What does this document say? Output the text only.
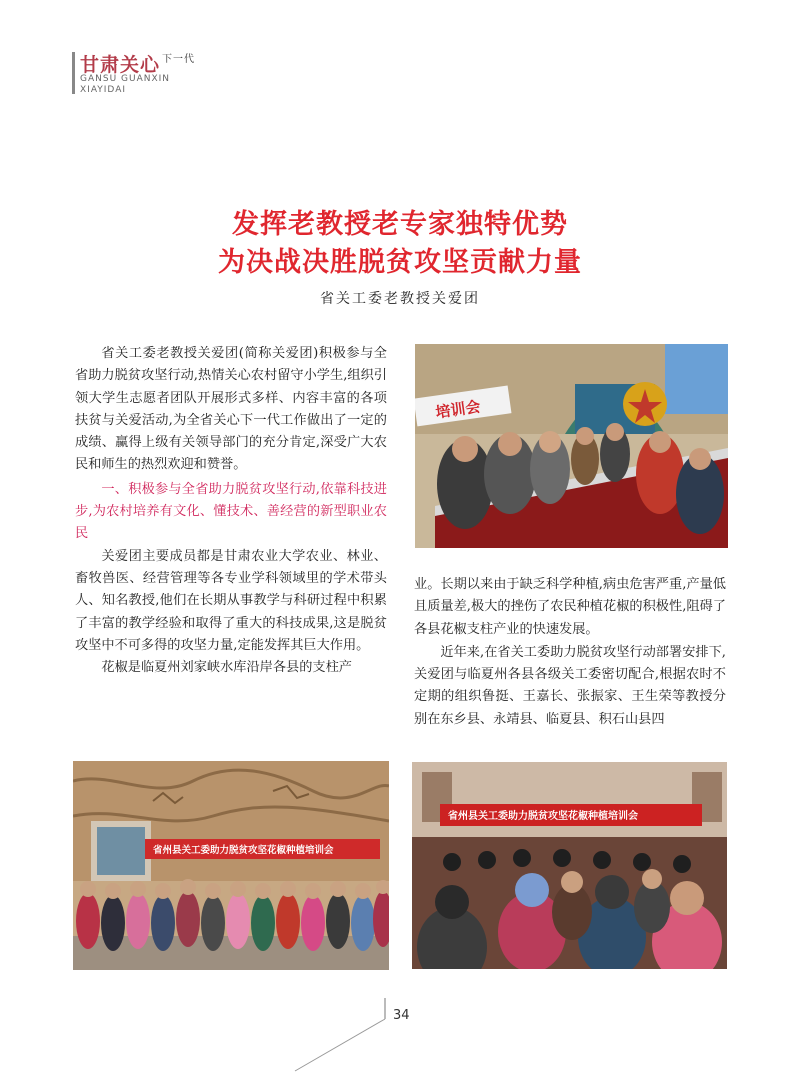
甘肃关心 $^{下一代}$
GANSU GUANXIN
XIAYIDAI
发挥老教授老专家独特优势
为决战决胜脱贫攻坚贡献力量
省关工委老教授关爱团

省关工委老教授关爱团(简称关爱团)积极参与全省助力脱贫攻坚行动,热情关心农村留守小学生,组织引领大学生志愿者团队开展形式多样、内容丰富的各项扶贫与关爱活动,为全省关心下一代工作做出了一定的成绩、赢得上级有关领导部门的充分肯定,深受广大农民和师生的热烈欢迎和赞誉。

一、积极参与全省助力脱贫攻坚行动,依靠科技进步,为农村培养有文化、懂技术、善经营的新型职业农民

关爱团主要成员都是甘肃农业大学农业、林业、畜牧兽医、经营管理等各专业学科领域里的学术带头人、知名教授,他们在长期从事教学与科研过程中积累了丰富的教学经验和取得了重大的科技成果,这是脱贫攻坚中不可多得的攻坚力量,定能发挥其巨大作用。

花椒是临夏州刘家峡水库沿岸各县的支柱产

业。长期以来由于缺乏科学种植,病虫危害严重,产量低且质量差,极大的挫伤了农民种植花椒的积极性,阻碍了各县花椒支柱产业的快速发展。

近年来,在省关工委助力脱贫攻坚行动部署安排下,关爱团与临夏州各县各级关工委密切配合,根据农时不定期的组织鲁挺、王嘉长、张振家、王生荣等教授分别在东乡县、永靖县、临夏县、积石山县四

培训会
省州县关工委助力脱贫攻坚花椒种植培训会
省州县关工委助力脱贫攻坚花椒种植培训会
34
